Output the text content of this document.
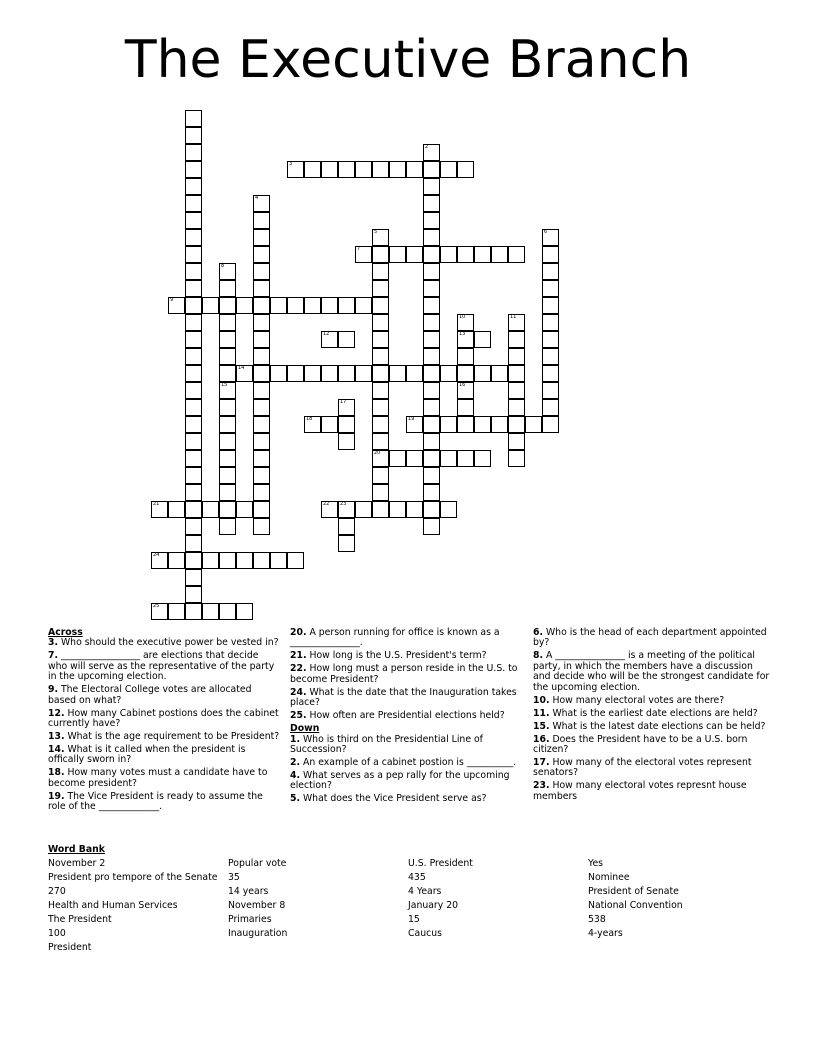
The Executive Branch
2
3
4
5
20
6
7
8
15
9
10
13
11
12
14
16
17
18	19
21	22 23
24
25
Across
3. Who should the executive power be vested in?
7. _________________ are elections that decide who will serve as the representative of the party in the upcoming election.
9. The Electoral College votes are allocated based on what?
12. How many Cabinet postions does the cabinet currently have?
13. What is the age requirement to be President?
14. What is it called when the president is offically sworn in?
18. How many votes must a candidate have to become president?
19. The Vice President is ready to assume the role of the _____________.
20. A person running for office is known as a _______________.
21. How long is the U.S. President's term?
22. How long must a person reside in the U.S. to become President?
24. What is the date that the Inauguration takes place?
25. How often are Presidential elections held?
Down
1. Who is third on the Presidential Line of Succession?
2. An example of a cabinet postion is __________.
4. What serves as a pep rally for the upcoming election?
5. What does the Vice President serve as?
6. Who is the head of each department appointed by?
8. A _______________ is a meeting of the political party, in which the members have a discussion and decide who will be the strongest candidate for the upcoming election.
10. How many electoral votes are there?
11. What is the earliest date elections are held?
15. What is the latest date elections can be held?
16. Does the President have to be a U.S. born citizen?
17. How many of the electoral votes represent senators?
23. How many electoral votes represnt house members
Word Bank
November 2	Popular vote	U.S. President	Yes
President pro tempore of the Senate	35	435	Nominee
270	14 years	4 Years	President of Senate
Health and Human Services	November 8	January 20	National Convention
The President	Primaries	15	538
100	Inauguration	Caucus	4-years
President
